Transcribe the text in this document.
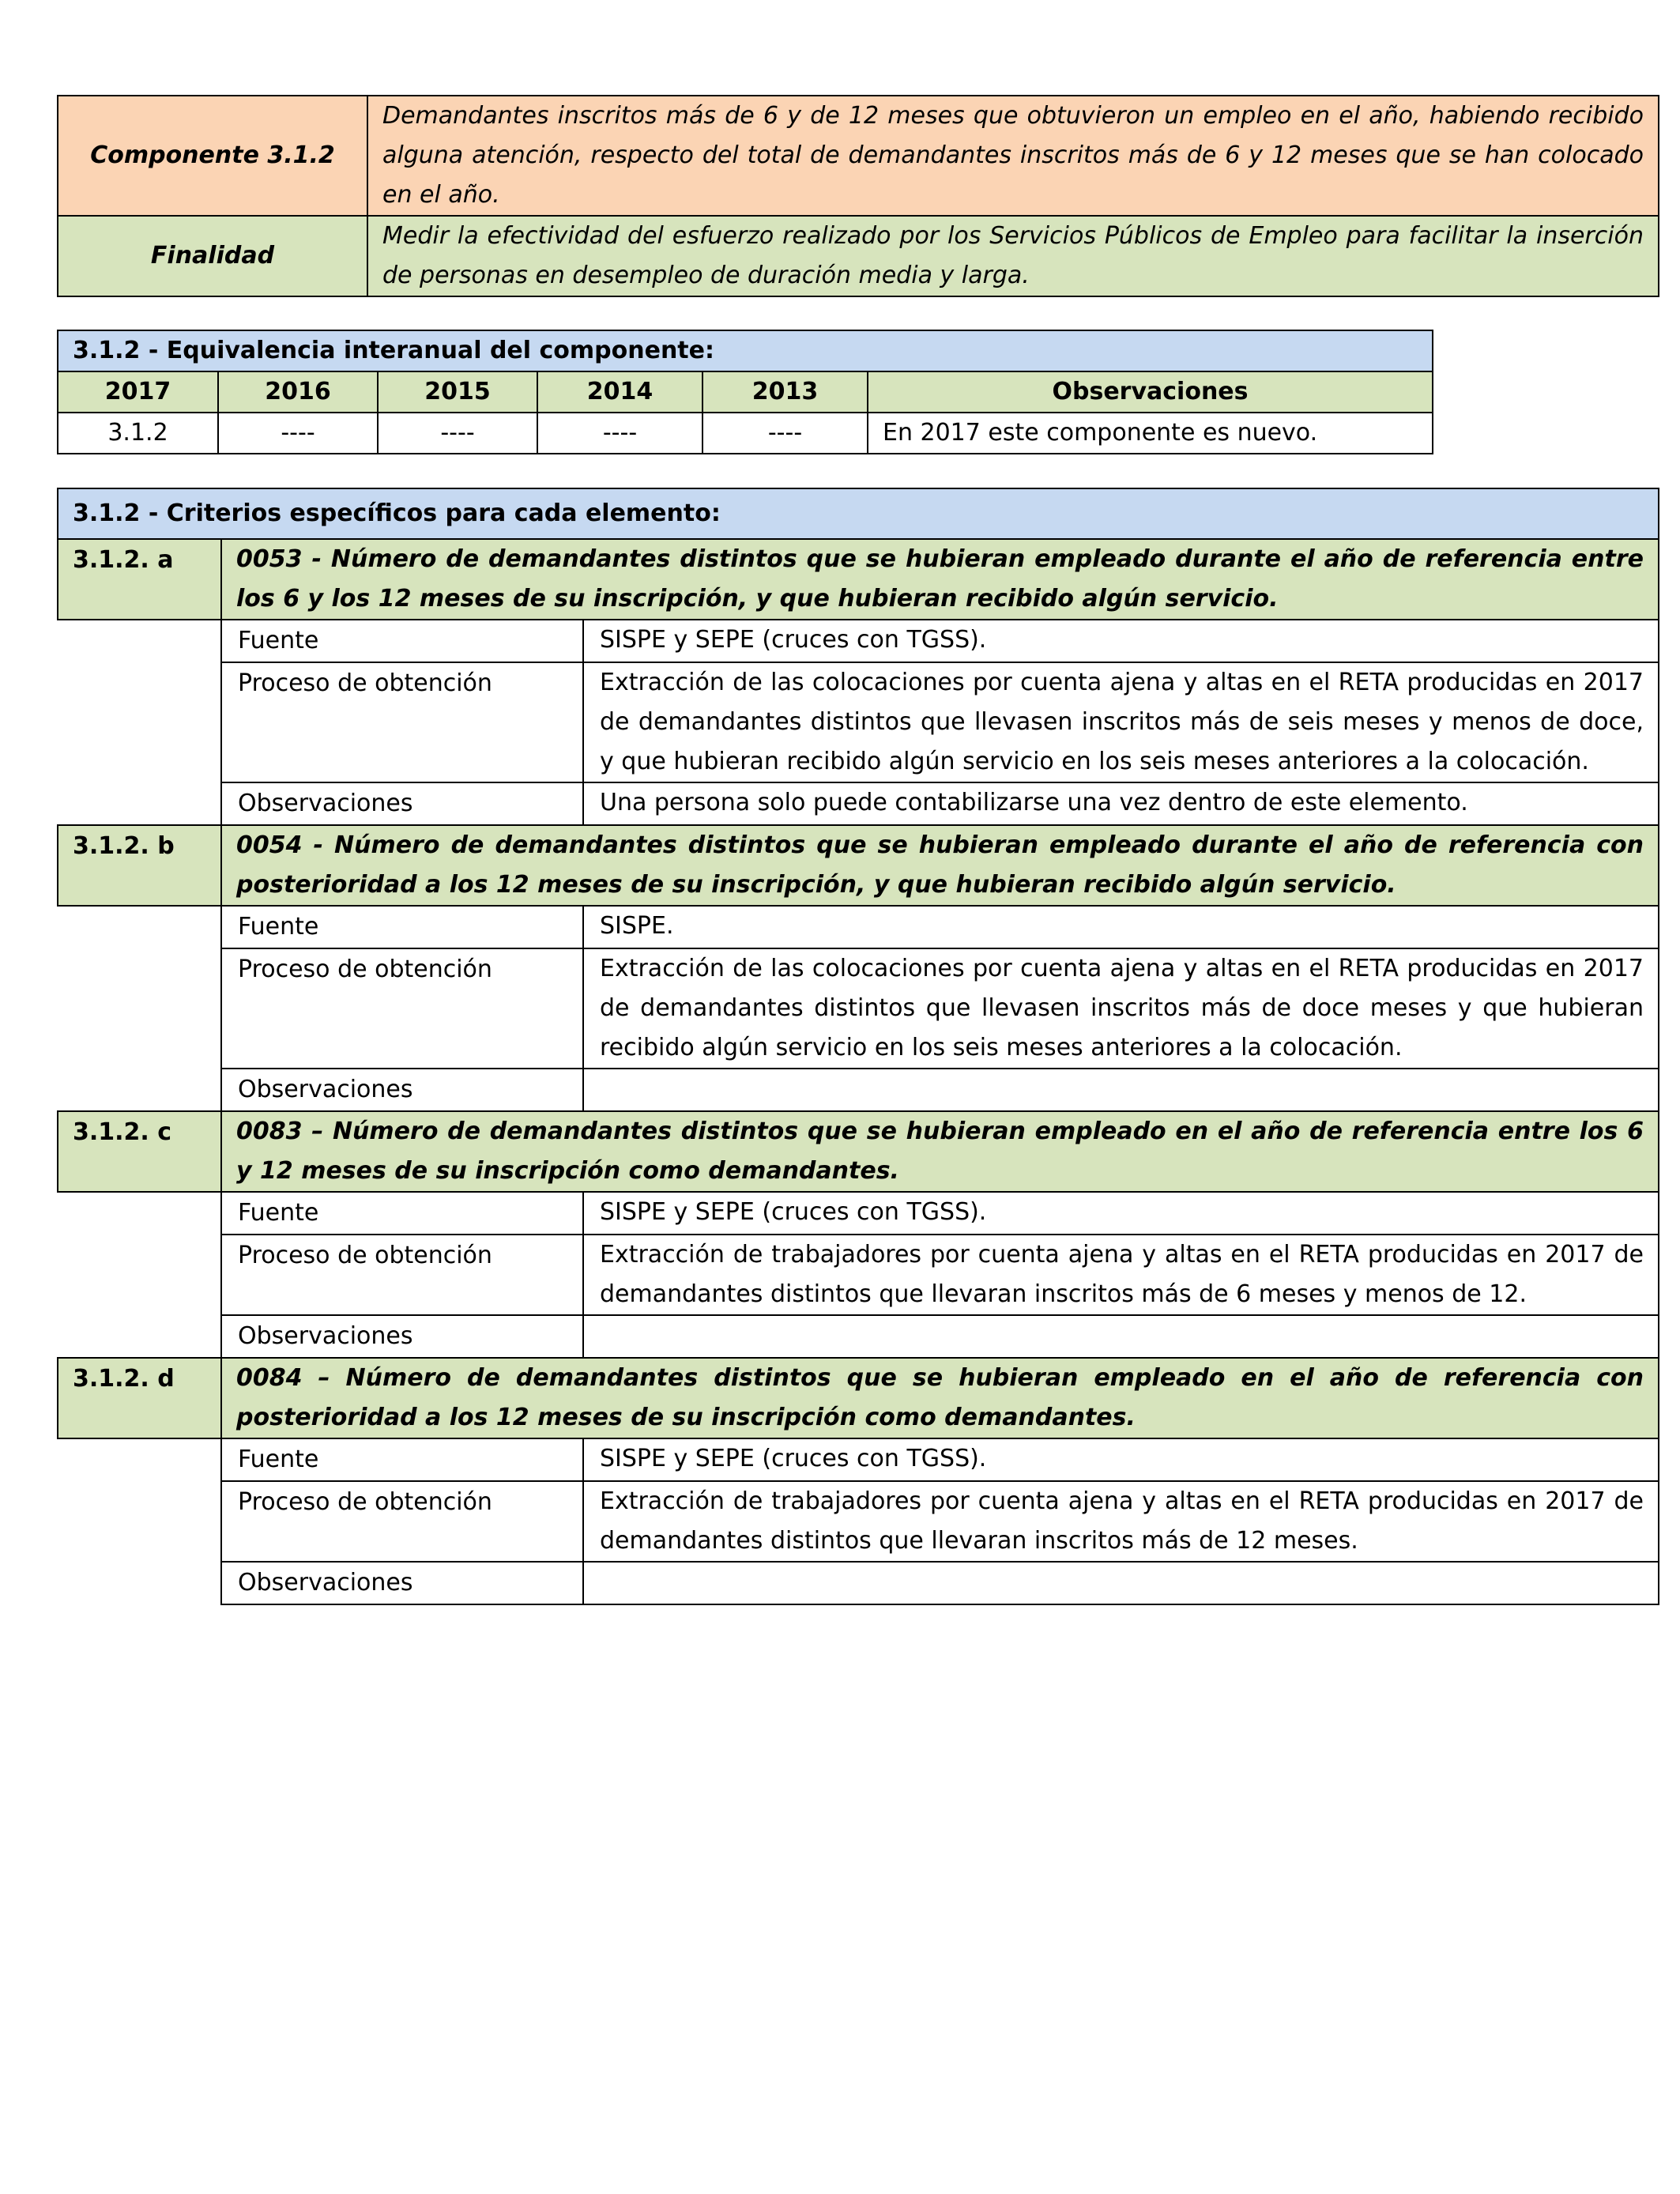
Componente 3.1.2	Demandantes inscritos más de 6 y de 12 meses que obtuvieron un empleo en el año, habiendo recibido alguna atención, respecto del total de demandantes inscritos más de 6 y 12 meses que se han colocado en el año.
Finalidad	Medir la efectividad del esfuerzo realizado por los Servicios Públicos de Empleo para facilitar la inserción de personas en desempleo de duración media y larga.
3.1.2 - Equivalencia interanual del componente:					
2017	2016	2015	2014	2013	Observaciones
3.1.2	----	----	----	----	En 2017 este componente es nuevo.
3.1.2 - Criterios específicos para cada elemento:		
3.1.2. a	0053 - Número de demandantes distintos que se hubieran empleado durante el año de referencia entre los 6 y los 12 meses de su inscripción, y que hubieran recibido algún servicio.	
	Fuente	SISPE y SEPE (cruces con TGSS).
	Proceso de obtención	Extracción de las colocaciones por cuenta ajena y altas en el RETA producidas en 2017 de demandantes distintos que llevasen inscritos más de seis meses y menos de doce, y que hubieran recibido algún servicio en los seis meses anteriores a la colocación.
	Observaciones	Una persona solo puede contabilizarse una vez dentro de este elemento.
3.1.2. b	0054 - Número de demandantes distintos que se hubieran empleado durante el año de referencia con posterioridad a los 12 meses de su inscripción, y que hubieran recibido algún servicio.	
	Fuente	SISPE.
	Proceso de obtención	Extracción de las colocaciones por cuenta ajena y altas en el RETA producidas en 2017 de demandantes distintos que llevasen inscritos más de doce meses y que hubieran recibido algún servicio en los seis meses anteriores a la colocación.
	Observaciones	
3.1.2. c	0083 – Número de demandantes distintos que se hubieran empleado en el año de referencia entre los 6 y 12 meses de su inscripción como demandantes.	
	Fuente	SISPE y SEPE (cruces con TGSS).
	Proceso de obtención	Extracción de trabajadores por cuenta ajena y altas en el RETA producidas en 2017 de demandantes distintos que llevaran inscritos más de 6 meses y menos de 12.
	Observaciones	
3.1.2. d	0084 – Número de demandantes distintos que se hubieran empleado en el año de referencia con posterioridad a los 12 meses de su inscripción como demandantes.	
	Fuente	SISPE y SEPE (cruces con TGSS).
	Proceso de obtención	Extracción de trabajadores por cuenta ajena y altas en el RETA producidas en 2017 de demandantes distintos que llevaran inscritos más de 12 meses.
	Observaciones	
